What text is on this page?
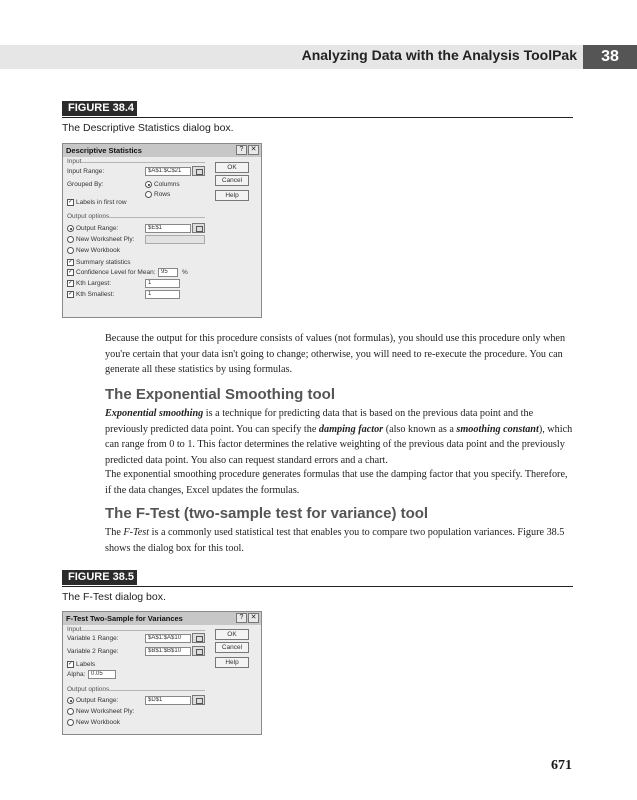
Analyzing Data with the Analysis ToolPak	38
FIGURE 38.4
The Descriptive Statistics dialog box.
Descriptive Statistics	?	✕
Input
Input Range:	$A$1:$C$21
Grouped By:	Columns
Rows
✓ Labels in first row
Output options
Output Range:	$E$1
New Worksheet Ply:
New Workbook
✓ Summary statistics
✓ Confidence Level for Mean: 95	%
✓ Kth Largest:	1
✓ Kth Smallest:	1
OK
Cancel
Help
Because the output for this procedure consists of values (not formulas), you should use this procedure only when you're certain that your data isn't going to change; otherwise, you will need to re-execute the procedure. You can generate all these statistics by using formulas.
The Exponential Smoothing tool
Exponential smoothing is a technique for predicting data that is based on the previous data point and the previously predicted data point. You can specify the damping factor (also known as a smoothing constant), which can range from 0 to 1. This factor determines the relative weighting of the previous data point and the previously predicted data point. You also can request standard errors and a chart.
The exponential smoothing procedure generates formulas that use the damping factor that you specify. Therefore, if the data changes, Excel updates the formulas.
The F-Test (two-sample test for variance) tool
The F-Test is a commonly used statistical test that enables you to compare two population variances. Figure 38.5 shows the dialog box for this tool.
FIGURE 38.5
The F-Test dialog box.
F-Test Two-Sample for Variances	?	✕
Input
Variable 1 Range:	$A$1:$A$10
Variable 2 Range:	$B$1:$B$10
✓ Labels
Alpha: 0.05
Output options
Output Range:	$D$1
New Worksheet Ply:
New Workbook
OK
Cancel
Help
671
